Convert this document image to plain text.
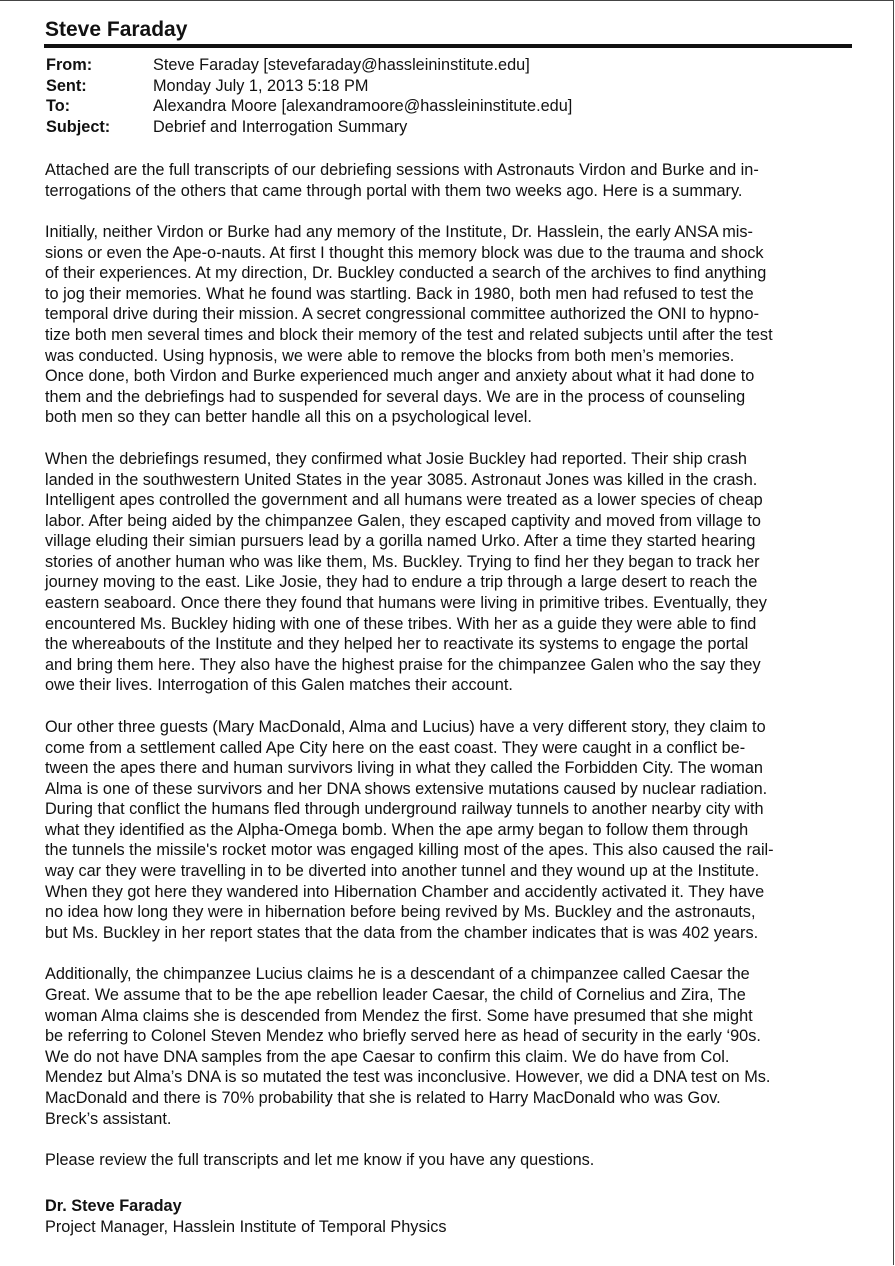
Steve Faraday
From:	Steve Faraday [stevefaraday@hassleininstitute.edu]
Sent:	Monday July 1, 2013 5:18 PM
To:	Alexandra Moore [alexandramoore@hassleininstitute.edu]
Subject:	Debrief and Interrogation Summary
Attached are the full transcripts of our debriefing sessions with Astronauts Virdon and Burke and in-
terrogations of the others that came through portal with them two weeks ago. Here is a summary.
Initially, neither Virdon or Burke had any memory of the Institute, Dr. Hasslein, the early ANSA mis-
sions or even the Ape-o-nauts. At first I thought this memory block was due to the trauma and shock
of their experiences. At my direction, Dr. Buckley conducted a search of the archives to find anything
to jog their memories. What he found was startling. Back in 1980, both men had refused to test the
temporal drive during their mission. A secret congressional committee authorized the ONI to hypno-
tize both men several times and block their memory of the test and related subjects until after the test
was conducted. Using hypnosis, we were able to remove the blocks from both men’s memories.
Once done, both Virdon and Burke experienced much anger and anxiety about what it had done to
them and the debriefings had to suspended for several days. We are in the process of counseling
both men so they can better handle all this on a psychological level.
When the debriefings resumed, they confirmed what Josie Buckley had reported. Their ship crash
landed in the southwestern United States in the year 3085. Astronaut Jones was killed in the crash.
Intelligent apes controlled the government and all humans were treated as a lower species of cheap
labor. After being aided by the chimpanzee Galen, they escaped captivity and moved from village to
village eluding their simian pursuers lead by a gorilla named Urko. After a time they started hearing
stories of another human who was like them, Ms. Buckley. Trying to find her they began to track her
journey moving to the east. Like Josie, they had to endure a trip through a large desert to reach the
eastern seaboard. Once there they found that humans were living in primitive tribes. Eventually, they
encountered Ms. Buckley hiding with one of these tribes. With her as a guide they were able to find
the whereabouts of the Institute and they helped her to reactivate its systems to engage the portal
and bring them here. They also have the highest praise for the chimpanzee Galen who the say they
owe their lives. Interrogation of this Galen matches their account.
Our other three guests (Mary MacDonald, Alma and Lucius) have a very different story, they claim to
come from a settlement called Ape City here on the east coast. They were caught in a conflict be-
tween the apes there and human survivors living in what they called the Forbidden City. The woman
Alma is one of these survivors and her DNA shows extensive mutations caused by nuclear radiation.
During that conflict the humans fled through underground railway tunnels to another nearby city with
what they identified as the Alpha-Omega bomb. When the ape army began to follow them through
the tunnels the missile's rocket motor was engaged killing most of the apes. This also caused the rail-
way car they were travelling in to be diverted into another tunnel and they wound up at the Institute.
When they got here they wandered into Hibernation Chamber and accidently activated it. They have
no idea how long they were in hibernation before being revived by Ms. Buckley and the astronauts,
but Ms. Buckley in her report states that the data from the chamber indicates that is was 402 years.
Additionally, the chimpanzee Lucius claims he is a descendant of a chimpanzee called Caesar the
Great. We assume that to be the ape rebellion leader Caesar, the child of Cornelius and Zira, The
woman Alma claims she is descended from Mendez the first. Some have presumed that she might
be referring to Colonel Steven Mendez who briefly served here as head of security in the early ‘90s.
We do not have DNA samples from the ape Caesar to confirm this claim. We do have from Col.
Mendez but Alma’s DNA is so mutated the test was inconclusive. However, we did a DNA test on Ms.
MacDonald and there is 70% probability that she is related to Harry MacDonald who was Gov.
Breck’s assistant.
Please review the full transcripts and let me know if you have any questions.
Dr. Steve Faraday
Project Manager, Hasslein Institute of Temporal Physics
